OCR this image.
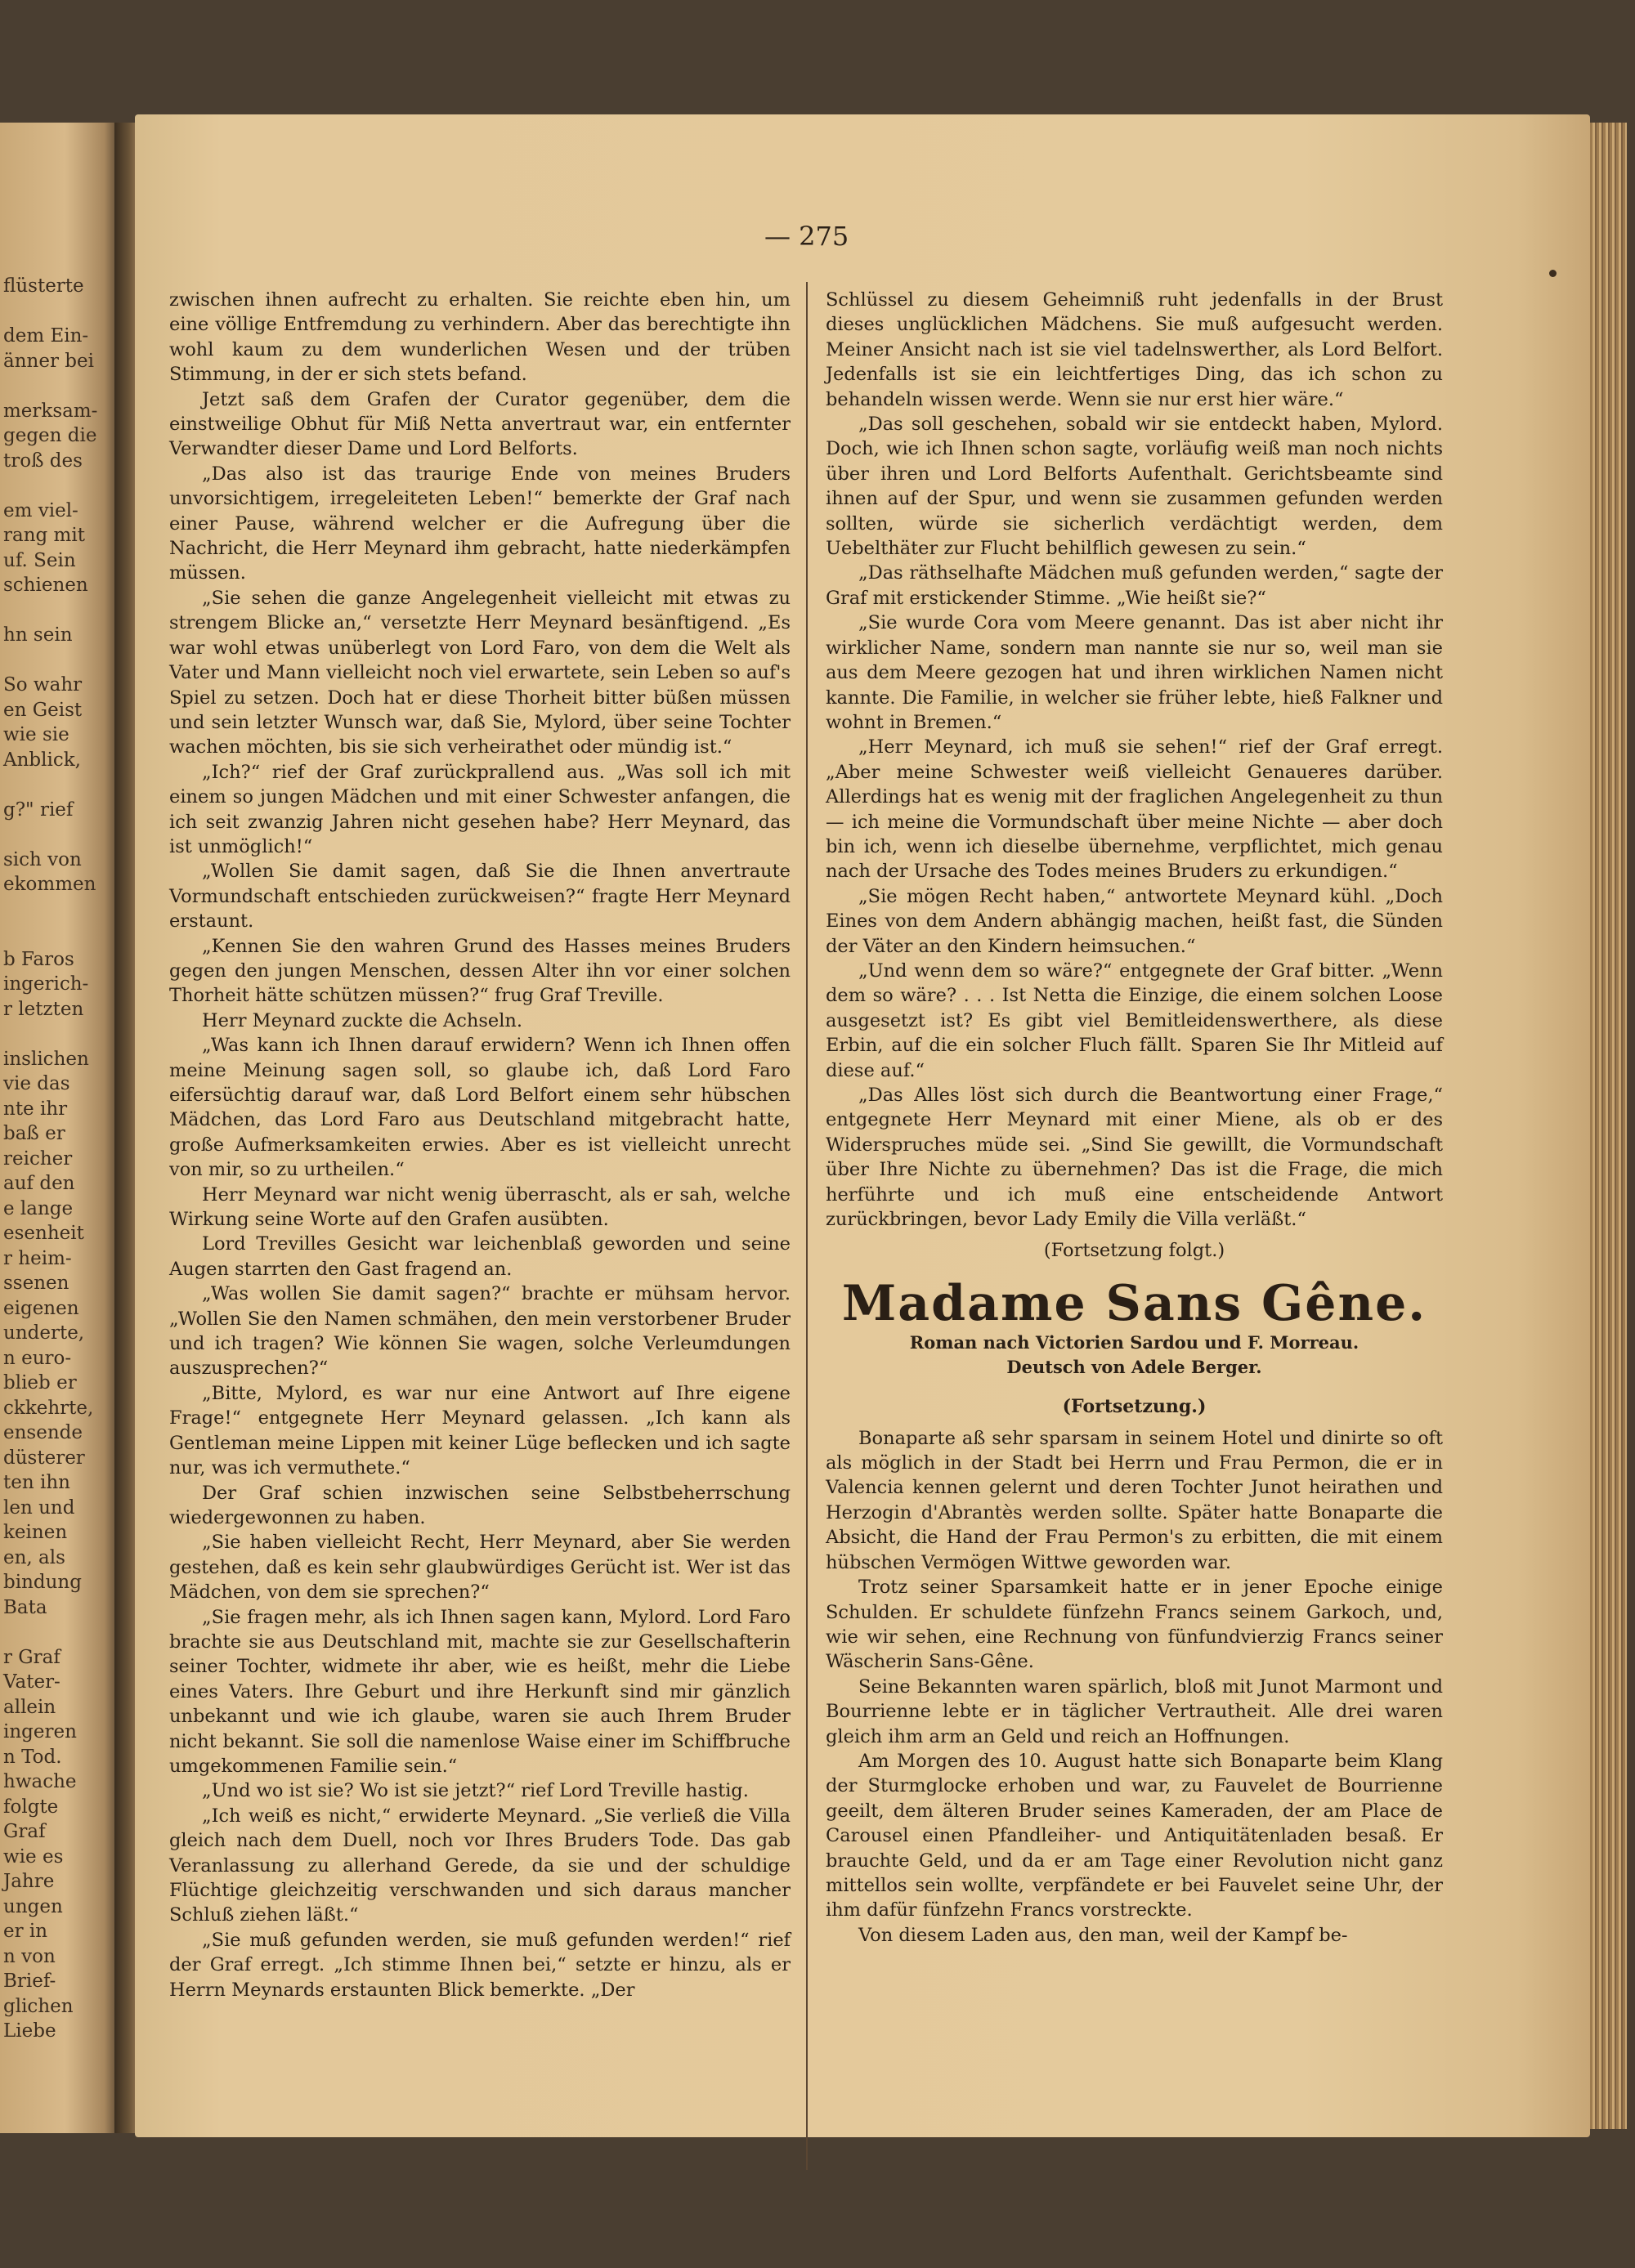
flüsterte
dem Ein-
änner bei
merksam-
gegen die
troß des
em viel-
rang mit
uf. Sein
schienen
hn sein
So wahr
en Geist
wie sie
Anblick,
g?" rief
sich von
ekommen
b Faros
ingerich-
r letzten
inslichen
vie das
nte ihr
baß er
reicher
auf den
e lange
esenheit
r heim-
ssenen
eigenen
underte,
n euro-
blieb er
ckkehrte,
ensende
düsterer
ten ihn
len und
keinen
en, als
bindung
Bata
r Graf
Vater-
allein
ingeren
n Tod.
hwache
folgte
Graf
wie es
Jahre
ungen
er in
n von
Brief-
glichen
Liebe
— 275

zwischen ihnen aufrecht zu erhalten. Sie reichte eben hin, um eine völlige Entfremdung zu verhindern. Aber das berechtigte ihn wohl kaum zu dem wunderlichen Wesen und der trüben Stimmung, in der er sich stets befand.

Jetzt saß dem Grafen der Curator gegenüber, dem die einstweilige Obhut für Miß Netta anvertraut war, ein entfernter Verwandter dieser Dame und Lord Belforts.

„Das also ist das traurige Ende von meines Bruders unvorsichtigem, irregeleiteten Leben!“ bemerkte der Graf nach einer Pause, während welcher er die Aufregung über die Nachricht, die Herr Meynard ihm gebracht, hatte niederkämpfen müssen.

„Sie sehen die ganze Angelegenheit vielleicht mit etwas zu strengem Blicke an,“ versetzte Herr Meynard besänftigend. „Es war wohl etwas unüberlegt von Lord Faro, von dem die Welt als Vater und Mann vielleicht noch viel erwartete, sein Leben so auf's Spiel zu setzen. Doch hat er diese Thorheit bitter büßen müssen und sein letzter Wunsch war, daß Sie, Mylord, über seine Tochter wachen möchten, bis sie sich verheirathet oder mündig ist.“

„Ich?“ rief der Graf zurückprallend aus. „Was soll ich mit einem so jungen Mädchen und mit einer Schwester anfangen, die ich seit zwanzig Jahren nicht gesehen habe? Herr Meynard, das ist unmöglich!“

„Wollen Sie damit sagen, daß Sie die Ihnen anvertraute Vormundschaft entschieden zurückweisen?“ fragte Herr Meynard erstaunt.

„Kennen Sie den wahren Grund des Hasses meines Bruders gegen den jungen Menschen, dessen Alter ihn vor einer solchen Thorheit hätte schützen müssen?“ frug Graf Treville.

Herr Meynard zuckte die Achseln.

„Was kann ich Ihnen darauf erwidern? Wenn ich Ihnen offen meine Meinung sagen soll, so glaube ich, daß Lord Faro eifersüchtig darauf war, daß Lord Belfort einem sehr hübschen Mädchen, das Lord Faro aus Deutschland mitgebracht hatte, große Aufmerksamkeiten erwies. Aber es ist vielleicht unrecht von mir, so zu urtheilen.“

Herr Meynard war nicht wenig überrascht, als er sah, welche Wirkung seine Worte auf den Grafen ausübten.

Lord Trevilles Gesicht war leichenblaß geworden und seine Augen starrten den Gast fragend an.

„Was wollen Sie damit sagen?“ brachte er mühsam hervor. „Wollen Sie den Namen schmähen, den mein verstorbener Bruder und ich tragen? Wie können Sie wagen, solche Verleumdungen auszusprechen?“

„Bitte, Mylord, es war nur eine Antwort auf Ihre eigene Frage!“ entgegnete Herr Meynard gelassen. „Ich kann als Gentleman meine Lippen mit keiner Lüge beflecken und ich sagte nur, was ich vermuthete.“

Der Graf schien inzwischen seine Selbstbeherrschung wiedergewonnen zu haben.

„Sie haben vielleicht Recht, Herr Meynard, aber Sie werden gestehen, daß es kein sehr glaubwürdiges Gerücht ist. Wer ist das Mädchen, von dem sie sprechen?“

„Sie fragen mehr, als ich Ihnen sagen kann, Mylord. Lord Faro brachte sie aus Deutschland mit, machte sie zur Gesellschafterin seiner Tochter, widmete ihr aber, wie es heißt, mehr die Liebe eines Vaters. Ihre Geburt und ihre Herkunft sind mir gänzlich unbekannt und wie ich glaube, waren sie auch Ihrem Bruder nicht bekannt. Sie soll die namenlose Waise einer im Schiffbruche umgekommenen Familie sein.“

„Und wo ist sie? Wo ist sie jetzt?“ rief Lord Treville hastig.

„Ich weiß es nicht,“ erwiderte Meynard. „Sie verließ die Villa gleich nach dem Duell, noch vor Ihres Bruders Tode. Das gab Veranlassung zu allerhand Gerede, da sie und der schuldige Flüchtige gleichzeitig verschwanden und sich daraus mancher Schluß ziehen läßt.“

„Sie muß gefunden werden, sie muß gefunden werden!“ rief der Graf erregt. „Ich stimme Ihnen bei,“ setzte er hinzu, als er Herrn Meynards erstaunten Blick bemerkte. „Der

Schlüssel zu diesem Geheimniß ruht jedenfalls in der Brust dieses unglücklichen Mädchens. Sie muß aufgesucht werden. Meiner Ansicht nach ist sie viel tadelnswerther, als Lord Belfort. Jedenfalls ist sie ein leichtfertiges Ding, das ich schon zu behandeln wissen werde. Wenn sie nur erst hier wäre.“

„Das soll geschehen, sobald wir sie entdeckt haben, Mylord. Doch, wie ich Ihnen schon sagte, vorläufig weiß man noch nichts über ihren und Lord Belforts Aufenthalt. Gerichtsbeamte sind ihnen auf der Spur, und wenn sie zusammen gefunden werden sollten, würde sie sicherlich verdächtigt werden, dem Uebelthäter zur Flucht behilflich gewesen zu sein.“

„Das räthselhafte Mädchen muß gefunden werden,“ sagte der Graf mit erstickender Stimme. „Wie heißt sie?“

„Sie wurde Cora vom Meere genannt. Das ist aber nicht ihr wirklicher Name, sondern man nannte sie nur so, weil man sie aus dem Meere gezogen hat und ihren wirklichen Namen nicht kannte. Die Familie, in welcher sie früher lebte, hieß Falkner und wohnt in Bremen.“

„Herr Meynard, ich muß sie sehen!“ rief der Graf erregt. „Aber meine Schwester weiß vielleicht Genaueres darüber. Allerdings hat es wenig mit der fraglichen Angelegenheit zu thun — ich meine die Vormundschaft über meine Nichte — aber doch bin ich, wenn ich dieselbe übernehme, verpflichtet, mich genau nach der Ursache des Todes meines Bruders zu erkundigen.“

„Sie mögen Recht haben,“ antwortete Meynard kühl. „Doch Eines von dem Andern abhängig machen, heißt fast, die Sünden der Väter an den Kindern heimsuchen.“

„Und wenn dem so wäre?“ entgegnete der Graf bitter. „Wenn dem so wäre? . . . Ist Netta die Einzige, die einem solchen Loose ausgesetzt ist? Es gibt viel Bemitleidenswerthere, als diese Erbin, auf die ein solcher Fluch fällt. Sparen Sie Ihr Mitleid auf diese auf.“

„Das Alles löst sich durch die Beantwortung einer Frage,“ entgegnete Herr Meynard mit einer Miene, als ob er des Widerspruches müde sei. „Sind Sie gewillt, die Vormundschaft über Ihre Nichte zu übernehmen? Das ist die Frage, die mich herführte und ich muß eine entscheidende Antwort zurückbringen, bevor Lady Emily die Villa verläßt.“

(Fortsetzung folgt.)

Madame Sans Gêne.
Roman nach Victorien Sardou und F. Morreau.
Deutsch von Adele Berger.
(Fortsetzung.)

Bonaparte aß sehr sparsam in seinem Hotel und dinirte so oft als möglich in der Stadt bei Herrn und Frau Permon, die er in Valencia kennen gelernt und deren Tochter Junot heirathen und Herzogin d'Abrantès werden sollte. Später hatte Bonaparte die Absicht, die Hand der Frau Permon's zu erbitten, die mit einem hübschen Vermögen Wittwe geworden war.

Trotz seiner Sparsamkeit hatte er in jener Epoche einige Schulden. Er schuldete fünfzehn Francs seinem Garkoch, und, wie wir sehen, eine Rechnung von fünfundvierzig Francs seiner Wäscherin Sans-Gêne.

Seine Bekannten waren spärlich, bloß mit Junot Marmont und Bourrienne lebte er in täglicher Vertrautheit. Alle drei waren gleich ihm arm an Geld und reich an Hoffnungen.

Am Morgen des 10. August hatte sich Bonaparte beim Klang der Sturmglocke erhoben und war, zu Fauvelet de Bourrienne geeilt, dem älteren Bruder seines Kameraden, der am Place de Carousel einen Pfandleiher- und Antiquitätenladen besaß. Er brauchte Geld, und da er am Tage einer Revolution nicht ganz mittellos sein wollte, verpfändete er bei Fauvelet seine Uhr, der ihm dafür fünfzehn Francs vorstreckte.

Von diesem Laden aus, den man, weil der Kampf be-
